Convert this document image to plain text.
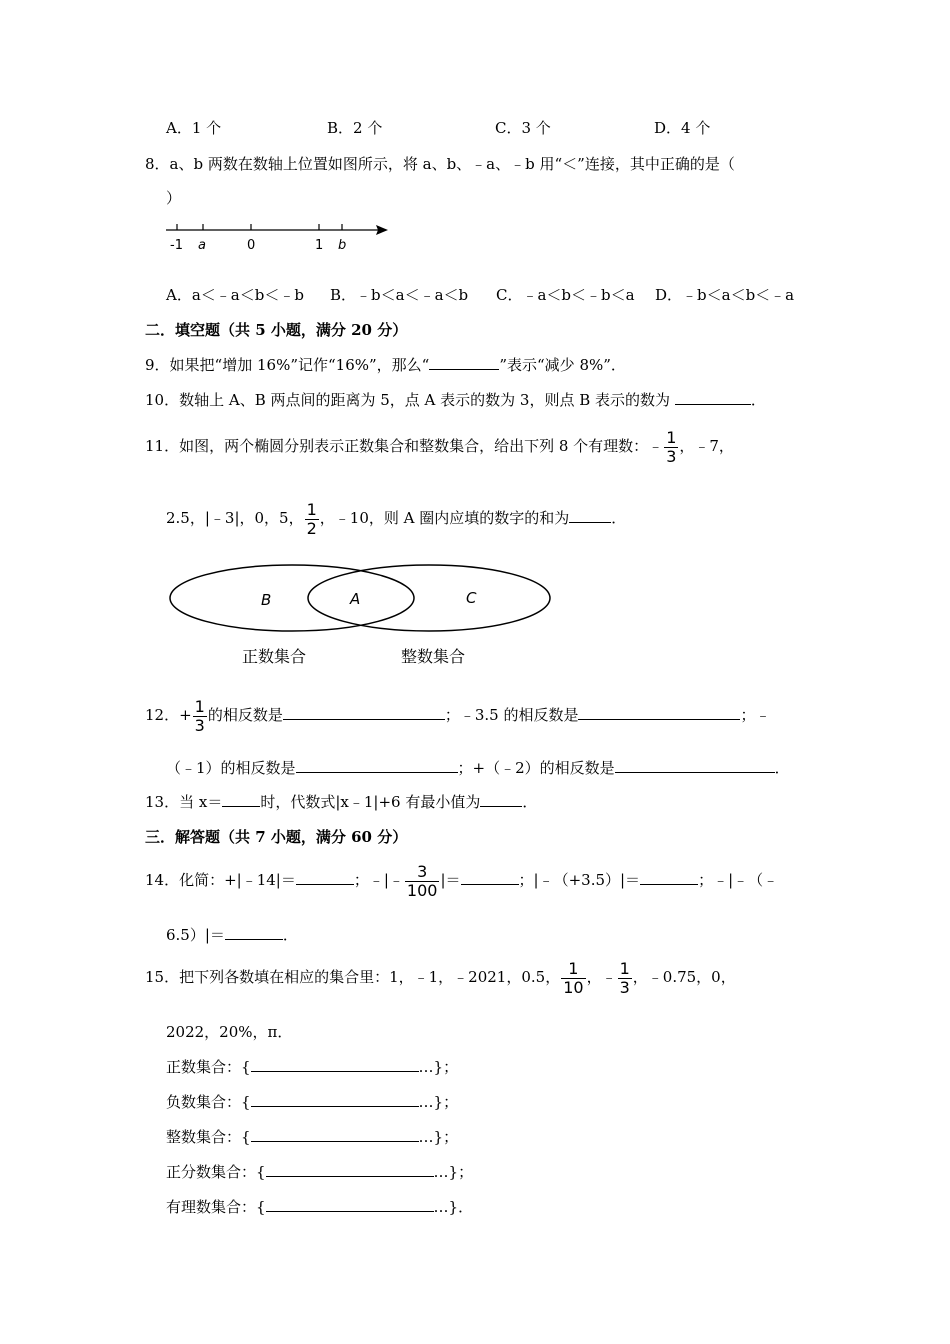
A．1 个	B．2 个	C．3 个	D．4 个
8．a、b 两数在数轴上位置如图所示，将 a、b、﹣a、﹣b 用“＜”连接，其中正确的是（
）
-1 a	0	1 b
A．a＜﹣a＜b＜﹣b B．﹣b＜a＜﹣a＜b C．﹣a＜b＜﹣b＜a D．﹣b＜a＜b＜﹣a
二．填空题（共 5 小题，满分 20 分）
9．如果把“增加 16%”记作“16%”，那么“	”表示“减少 8%”．
10．数轴上 A、B 两点间的距离为 5，点 A 表示的数为 3，则点 B 表示的数为	．
11．如图，两个椭圆分别表示正数集合和整数集合，给出下列 8 个有理数：﹣ $\frac{1}{3}$ ，﹣7，
2.5，|﹣3|，0，5， $\frac{1}{2}$ ，﹣10，则 A 圈内应填的数字的和为	．
B	A	C
正数集合	整数集合
12．+ $\frac{1}{3}$ 的相反数是	；﹣3.5 的相反数是	；﹣
（﹣1）的相反数是	；+（﹣2）的相反数是	．
13．当 x＝	时，代数式|x﹣1|+6 有最小值为	．
三．解答题（共 7 小题，满分 60 分）
14．化简：+|﹣14|＝	；﹣|﹣ $\frac{3}{100}$ |＝	；|﹣（+3.5）|＝	；﹣|﹣（﹣
6.5）|＝	．
15．把下列各数填在相应的集合里：1，﹣1，﹣2021，0.5， $\frac{1}{10}$ ，﹣ $\frac{1}{3}$ ，﹣0.75，0，
2022，20%，π．
正数集合：{	…}；
负数集合：{	…}；
整数集合：{	…}；
正分数集合：{	…}；
有理数集合：{	…}．
